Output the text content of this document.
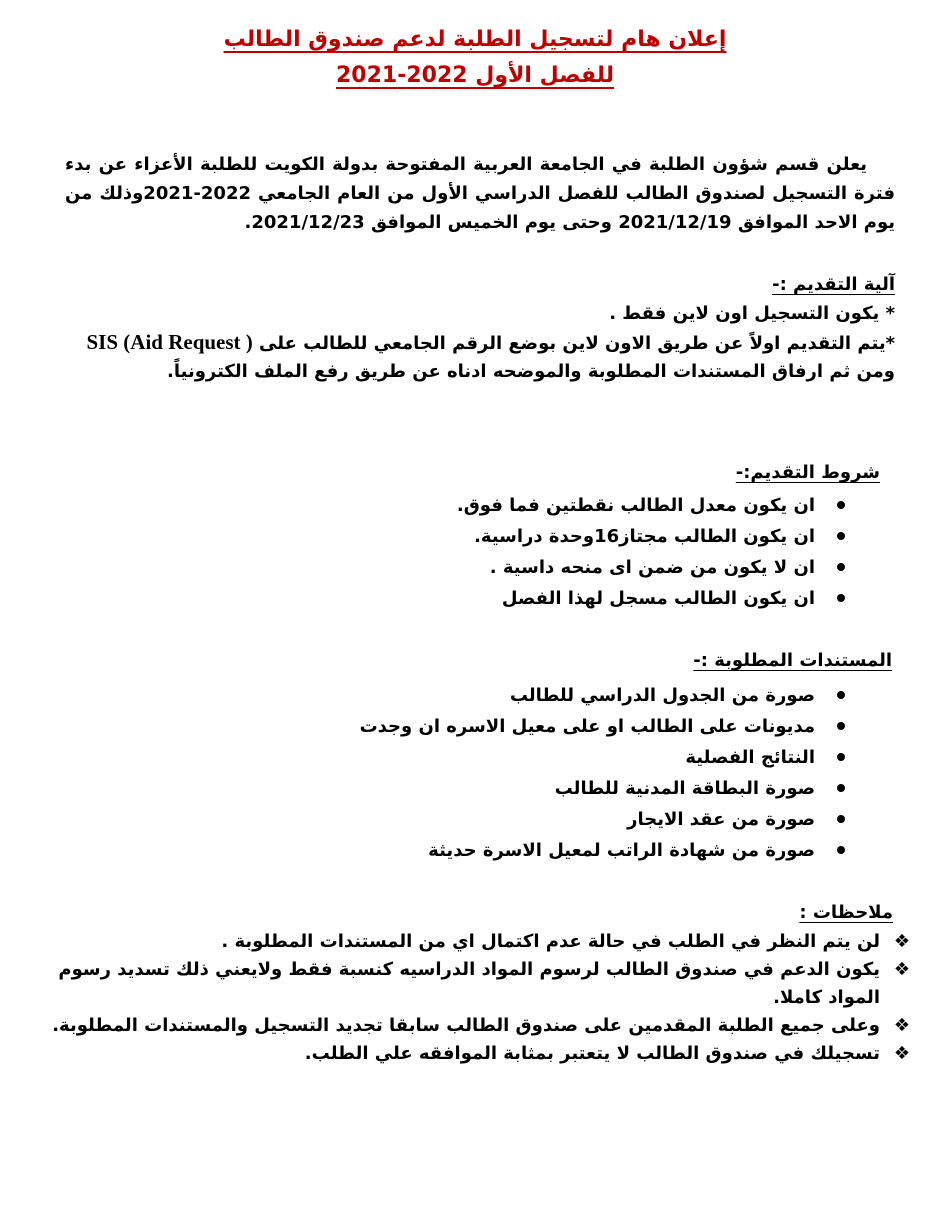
إعلان هام لتسجيل الطلبة لدعم صندوق الطالب
للفصل الأول 2022-2021
يعلن قسم شؤون الطلبة في الجامعة العربية المفتوحة بدولة الكويت للطلبة الأعزاء عن بدء فترة التسجيل لصندوق الطالب للفصل الدراسي الأول من العام الجامعي 2022-2021وذلك من يوم الاحد الموافق 2021/12/19 وحتى يوم الخميس الموافق 2021/12/23.
آلية التقديم :-

* يكون التسجيل اون لاين فقط .

*يتم التقديم اولاً عن طريق الاون لاين بوضع الرقم الجامعي للطالب على SIS (Aid Request ) ومن ثم ارفاق المستندات المطلوبة والموضحه ادناه عن طريق رفع الملف الكترونياً.

شروط التقديم:-
ان يكون معدل الطالب نقطتين فما فوق.
ان يكون الطالب مجتاز16وحدة دراسية.
ان لا يكون من ضمن اى منحه داسية .
ان يكون الطالب مسجل لهذا الفصل
المستندات المطلوبة :-
صورة من الجدول الدراسي للطالب
مديونات على الطالب او على معيل الاسره ان وجدت
النتائج الفصلية
صورة البطاقة المدنية للطالب
صورة من عقد الايجار
صورة من شهادة الراتب لمعيل الاسرة حديثة
ملاحظات :
❖
لن يتم النظر في الطلب في حالة عدم اكتمال اي من المستندات المطلوبة .
❖
يكون الدعم في صندوق الطالب لرسوم المواد الدراسيه كنسبة فقط ولايعني ذلك تسديد رسوم المواد كاملا.
❖
وعلى جميع الطلبة المقدمين على صندوق الطالب سابقا تجديد التسجيل والمستندات المطلوبة.
❖
تسجيلك في صندوق الطالب لا يتعتبر بمثابة الموافقه علي الطلب.
